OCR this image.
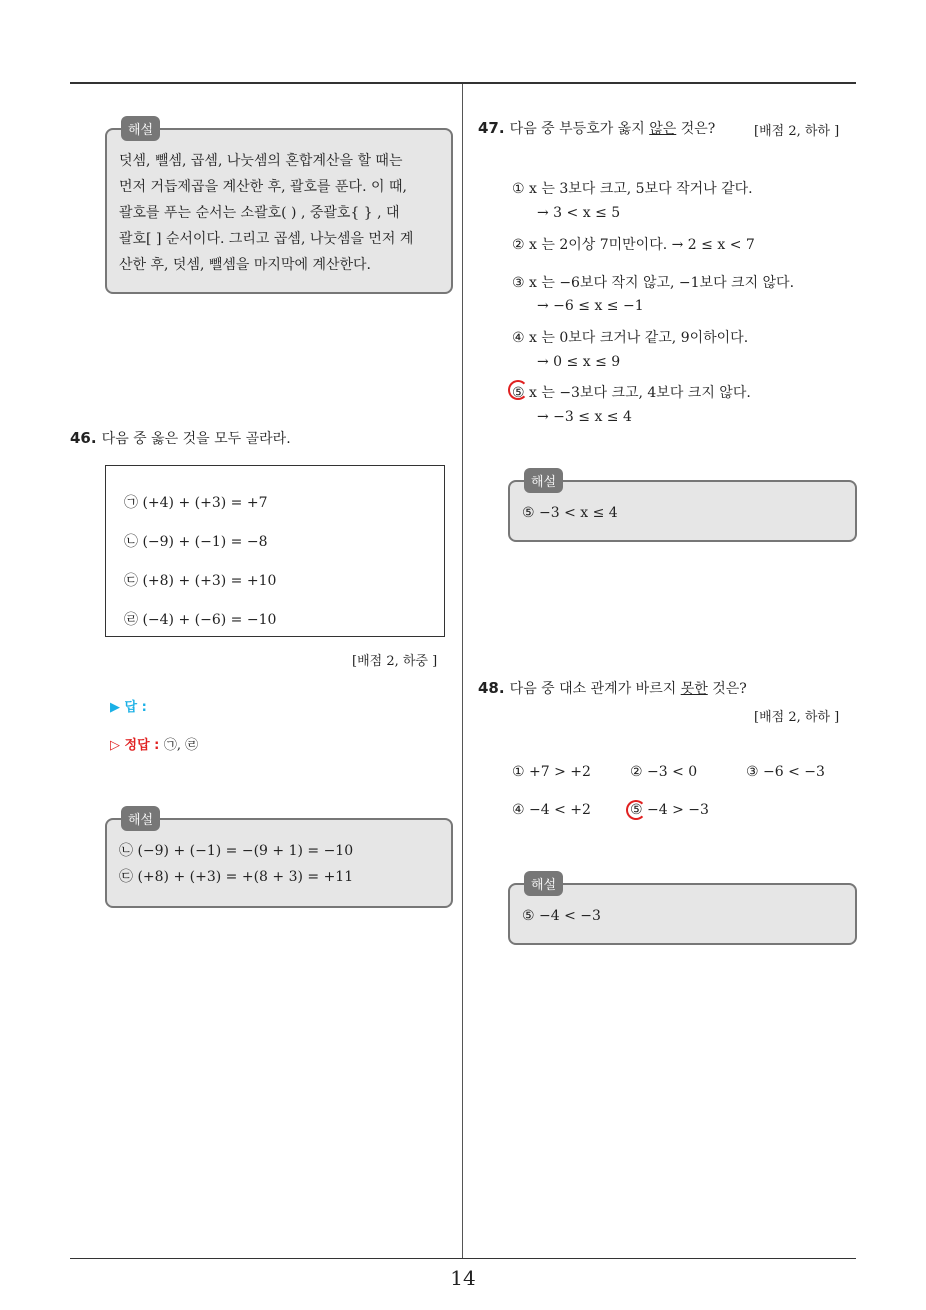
해설
덧셈, 뺄셈, 곱셈, 나눗셈의 혼합계산을 할 때는
먼저 거듭제곱을 계산한 후, 괄호를 푼다. 이 때,
괄호를 푸는 순서는 소괄호( ) , 중괄호{ } , 대
괄호[ ] 순서이다. 그리고 곱셈, 나눗셈을 먼저 계
산한 후, 덧셈, 뺄셈을 마지막에 계산한다.
46. 다음 중 옳은 것을 모두 골라라.
㉠ (+4) + (+3) = +7
㉡ (−9) + (−1) = −8
㉢ (+8) + (+3) = +10
㉣ (−4) + (−6) = −10
[배점 2, 하중 ]
▶ 답 :
▷ 정답 : ㉠, ㉣
해설
㉡ (−9) + (−1) = −(9 + 1) = −10
㉢ (+8) + (+3) = +(8 + 3) = +11
47. 다음 중 부등호가 옳지 않은 것은?	[배점 2, 하하 ]
① x 는 3보다 크고, 5보다 작거나 같다.
→ 3 < x ≤ 5
② x 는 2이상 7미만이다. → 2 ≤ x < 7
③ x 는 −6보다 작지 않고, −1보다 크지 않다.
→ −6 ≤ x ≤ −1
④ x 는 0보다 크거나 같고, 9이하이다.
→ 0 ≤ x ≤ 9
⑤ x 는 −3보다 크고, 4보다 크지 않다.
→ −3 ≤ x ≤ 4
해설
⑤ −3 < x ≤ 4
48. 다음 중 대소 관계가 바르지 못한 것은?
[배점 2, 하하 ]
① +7 > +2	② −3 < 0	③ −6 < −3
④ −4 < +2	⑤ −4 > −3
해설
⑤ −4 < −3
14
